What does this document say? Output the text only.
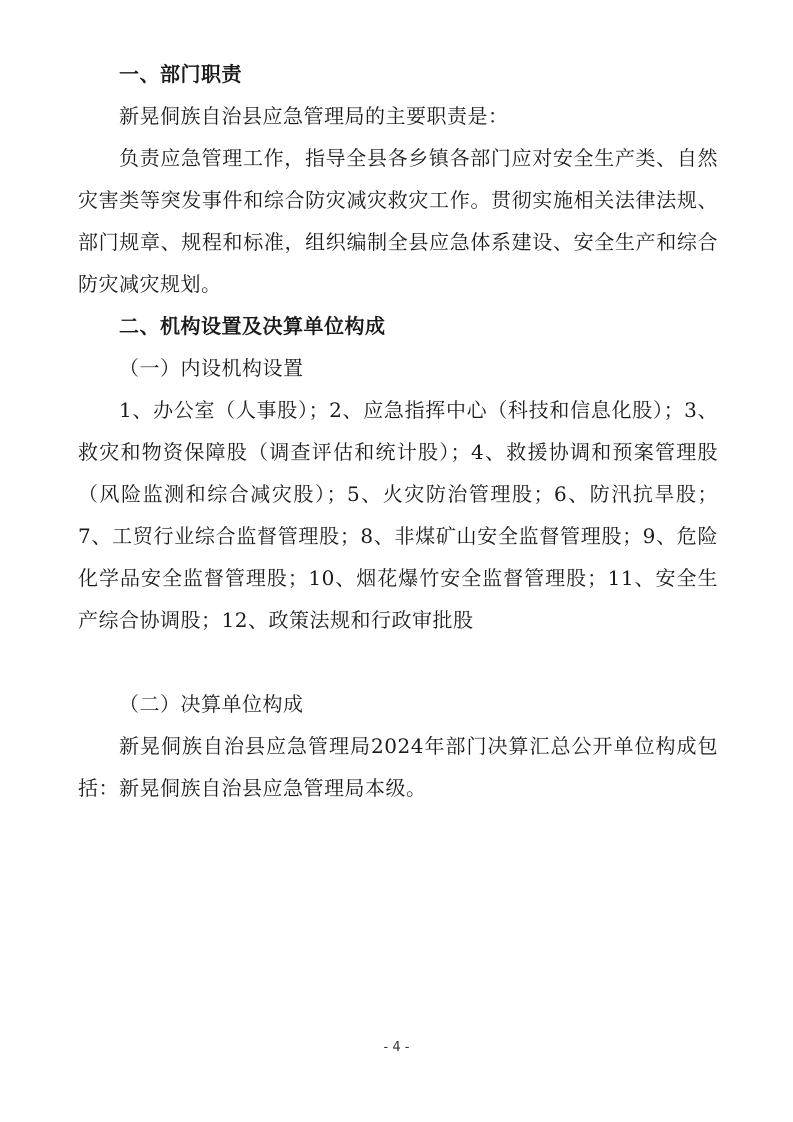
一、部门职责

新晃侗族自治县应急管理局的主要职责是：

负责应急管理工作，指导全县各乡镇各部门应对安全生产类、自然灾害类等突发事件和综合防灾减灾救灾工作。贯彻实施相关法律法规、部门规章、规程和标准，组织编制全县应急体系建设、安全生产和综合防灾减灾规划。

二、机构设置及决算单位构成

（一）内设机构设置

1、办公室（人事股）；2、应急指挥中心（科技和信息化股）；3、救灾和物资保障股（调查评估和统计股）；4、救援协调和预案管理股（风险监测和综合减灾股）；5、火灾防治管理股；6、防汛抗旱股；7、工贸行业综合监督管理股；8、非煤矿山安全监督管理股；9、危险化学品安全监督管理股；10、烟花爆竹安全监督管理股；11、安全生产综合协调股；12、政策法规和行政审批股

（二）决算单位构成

新晃侗族自治县应急管理局2024年部门决算汇总公开单位构成包括：新晃侗族自治县应急管理局本级。

- 4 -
